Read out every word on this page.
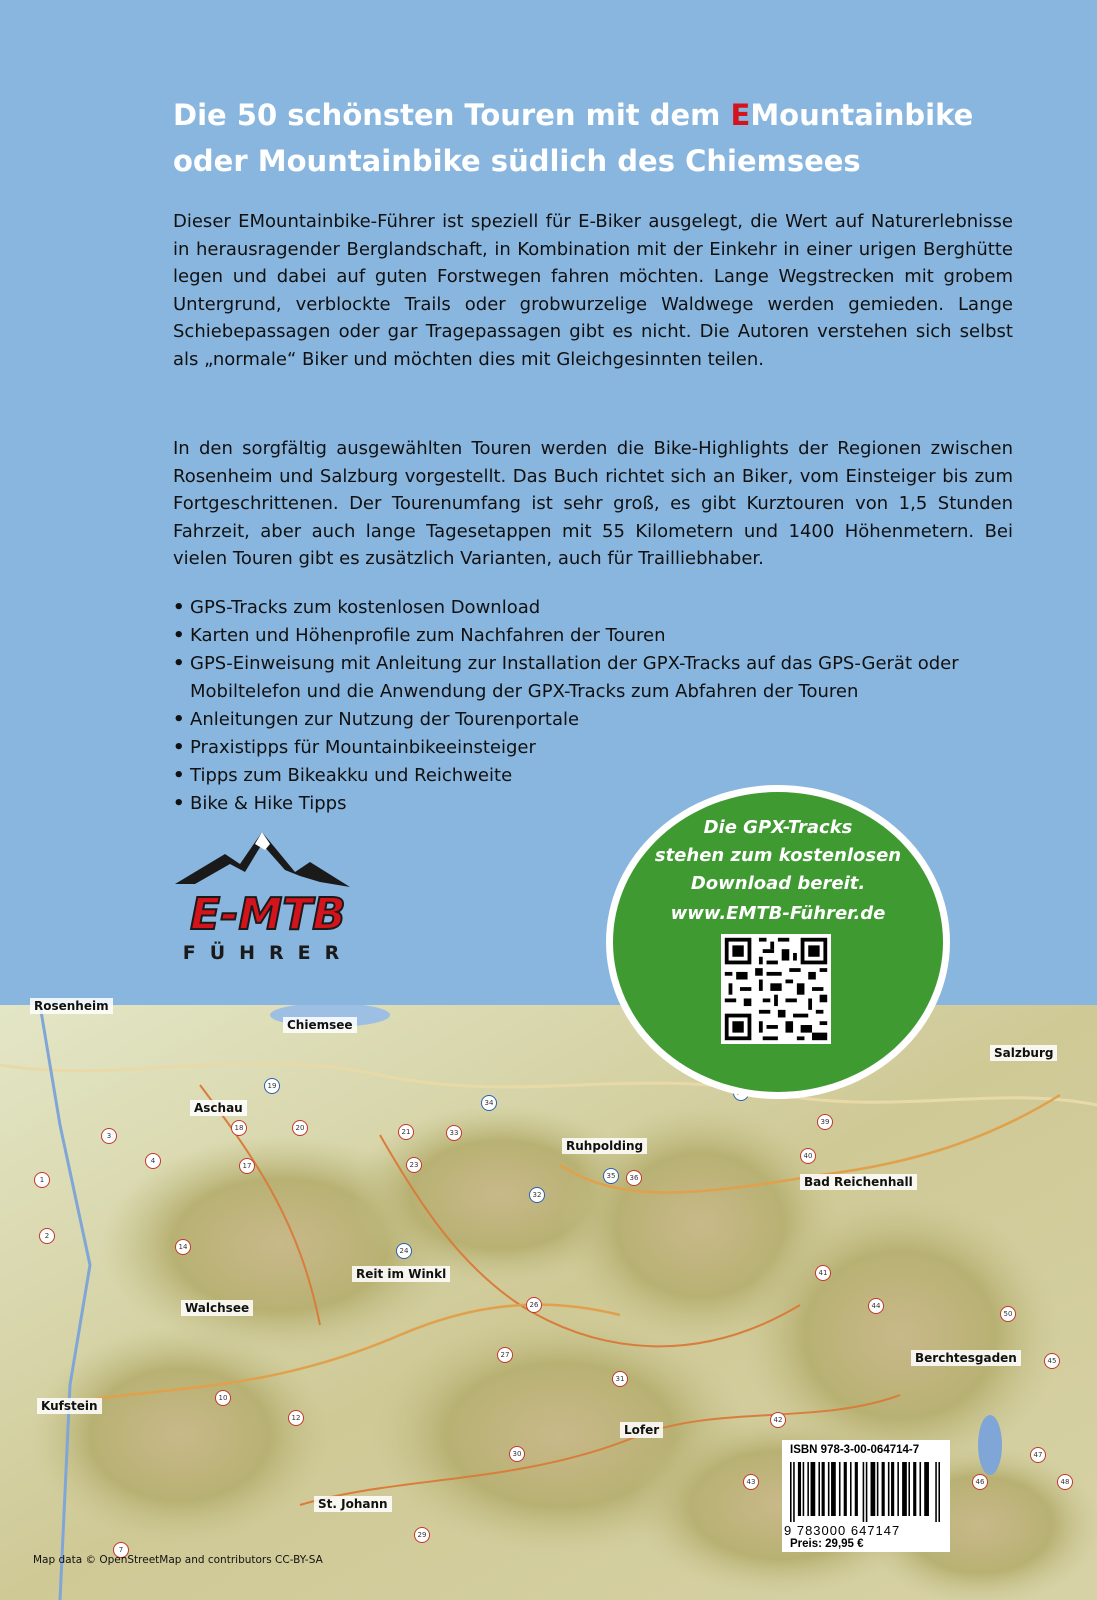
Die 50 schönsten Touren mit dem EMountainbike
oder Mountainbike südlich des Chiemsees
Dieser EMountainbike-Führer ist speziell für E-Biker ausgelegt, die Wert auf Naturerlebnisse in herausragender Berglandschaft, in Kombination mit der Einkehr in einer urigen Berghütte legen und dabei auf guten Forstwegen fahren möchten. Lange Wegstrecken mit grobem Untergrund, verblockte Trails oder grobwurzelige Waldwege werden gemieden. Lange Schiebepassagen oder gar Tragepassagen gibt es nicht. Die Autoren verstehen sich selbst als „normale“ Biker und möchten dies mit Gleichgesinnten teilen.
In den sorgfältig ausgewählten Touren werden die Bike-Highlights der Regionen zwischen Rosenheim und Salzburg vorgestellt. Das Buch richtet sich an Biker, vom Einsteiger bis zum Fortgeschrittenen. Der Tourenumfang ist sehr groß, es gibt Kurztouren von 1,5 Stunden Fahrzeit, aber auch lange Tagesetappen mit 55 Kilometern und 1400 Höhenmetern. Bei vielen Touren gibt es zusätzlich Varianten, auch für Trailliebhaber.
• GPS-Tracks zum kostenlosen Download
• Karten und Höhenprofile zum Nachfahren der Touren
• GPS-Einweisung mit Anleitung zur Installation der GPX-Tracks auf das GPS-Gerät oder Mobiltelefon und die Anwendung der GPX-Tracks zum Abfahren der Touren
• Anleitungen zur Nutzung der Tourenportale
• Praxistipps für Mountainbikeeinsteiger
• Tipps zum Bikeakku und Reichweite
• Bike & Hike Tipps
E-MTB
FÜHRER
Rosenheim
Chiemsee
Salzburg
Aschau
Ruhpolding
Bad Reichenhall
Reit im Winkl
Walchsee
Berchtesgaden
Kufstein
Lofer
St. Johann
19
34
18	20	21	33
39
3
4
17	23
40
1	35	36
32
2
14	24
41
44
50
26
27
45
31
10
12
30
42
43	46
47
48
29
7
Map data © OpenStreetMap and contributors CC-BY-SA
Die GPX-Tracks
stehen zum kostenlosen
Download bereit.
www.EMTB-Führer.de
ISBN 978-3-00-064714-7
9 783000 647147
Preis: 29,95 €
